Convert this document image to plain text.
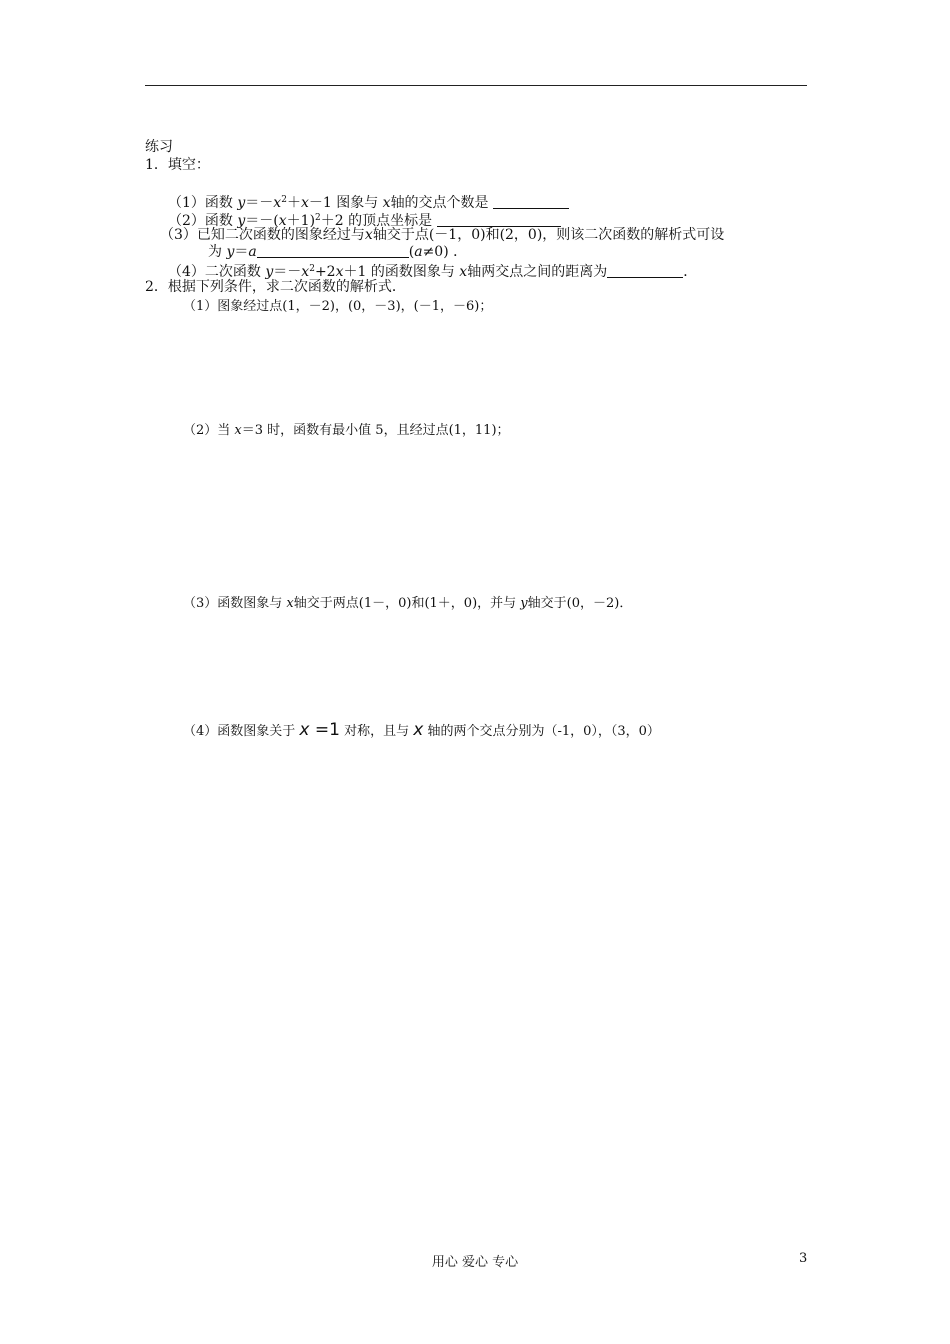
练习
1．填空：
（1）函数 $y=-x^2+x-1$ 图象与 x轴的交点个数是
（2）函数 $y=-(x+1)^2+2$ 的顶点坐标是
（3）已知二次函数的图象经过与x轴交于点(－1，0)和(2，0)，则该二次函数的解析式可设
为 y＝a	(a≠0) ．
（4）二次函数 $y=-x^2+2x+1$ 的函数图象与 x轴两交点之间的距离为	．
2．根据下列条件，求二次函数的解析式．
（1）图象经过点(1，－2)，(0，－3)，(－1，－6)；
（2）当 x＝3 时，函数有最小值 5，且经过点(1，11)；
（3）函数图象与 x轴交于两点(1－，0)和(1＋，0)，并与 y轴交于(0，－2)．
（4）函数图象关于 x =1 对称，且与 x 轴的两个交点分别为（-1，0），（3，0）
用心 爱心 专心	3
